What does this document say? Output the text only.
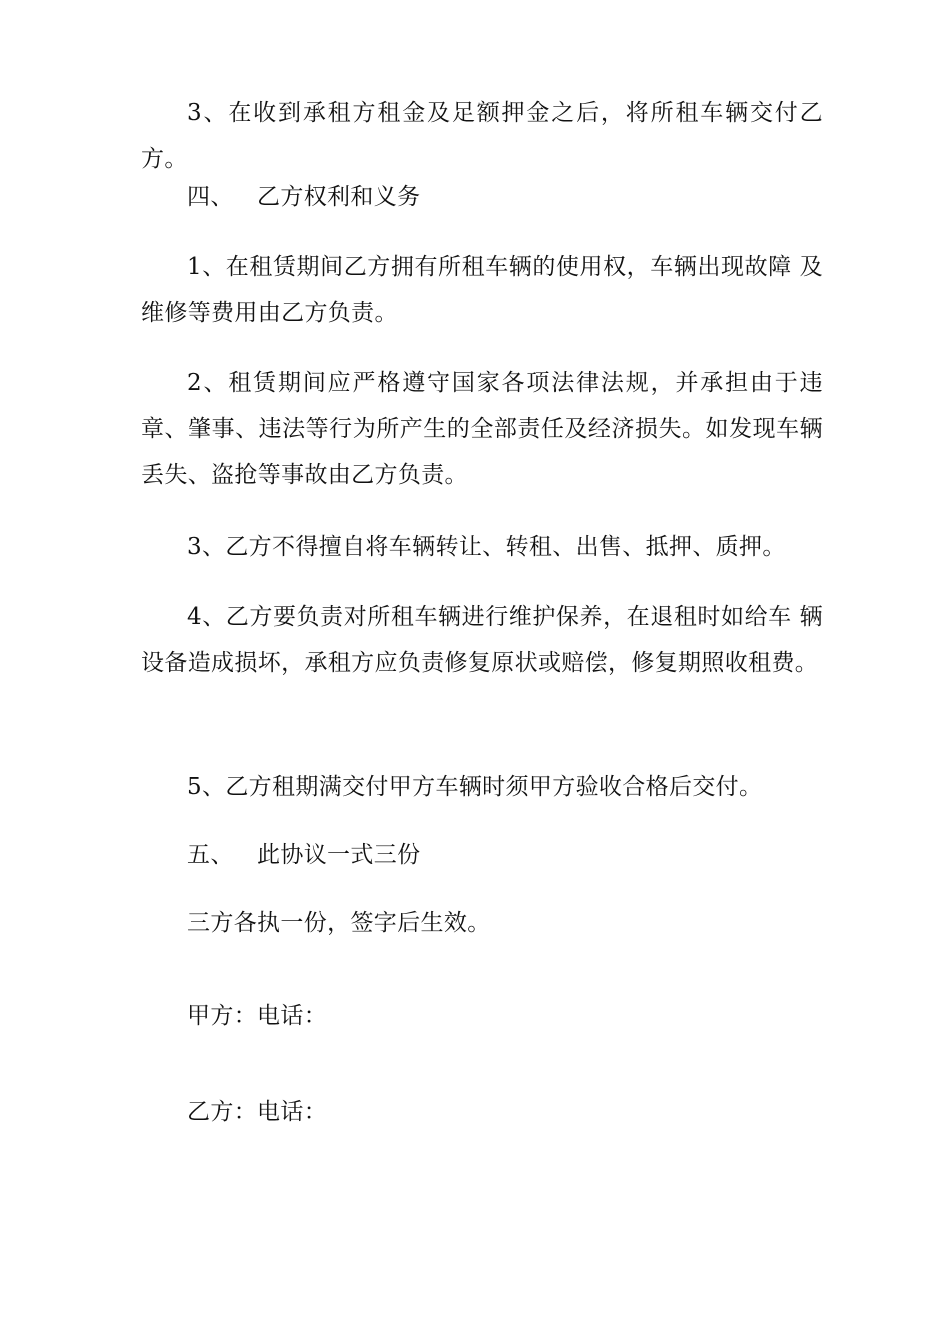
3、在收到承租方租金及足额押金之后，将所租车辆交付乙方。

四、 乙方权利和义务

1、在租赁期间乙方拥有所租车辆的使用权，车辆出现故障 及维修等费用由乙方负责。

2、租赁期间应严格遵守国家各项法律法规，并承担由于违章、肇事、违法等行为所产生的全部责任及经济损失。如发现车辆丢失、盗抢等事故由乙方负责。

3、乙方不得擅自将车辆转让、转租、出售、抵押、质押。

4、乙方要负责对所租车辆进行维护保养，在退租时如给车 辆设备造成损坏，承租方应负责修复原状或赔偿，修复期照收租费。

5、乙方租期满交付甲方车辆时须甲方验收合格后交付。

五、 此协议一式三份

三方各执一份，签字后生效。

甲方：电话：

乙方：电话：
